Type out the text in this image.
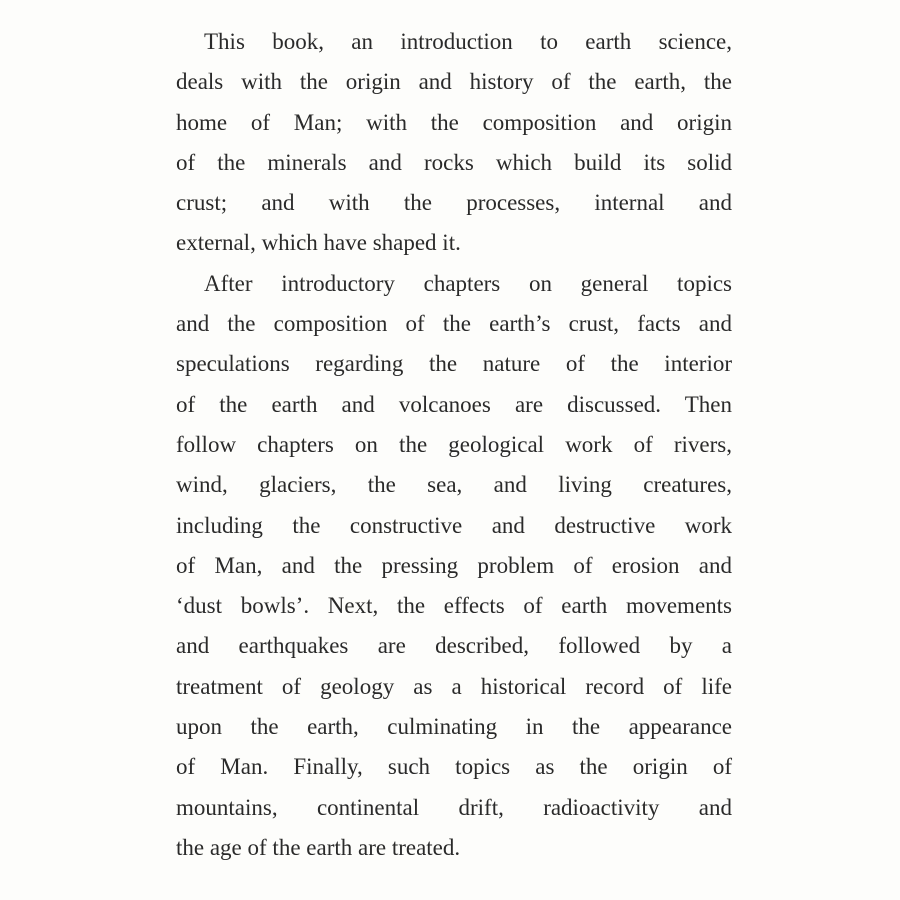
This book, an introduction to earth science,
deals with the origin and history of the earth, the
home of Man; with the composition and origin
of the minerals and rocks which build its solid
crust; and with the processes, internal and
external, which have shaped it.
After introductory chapters on general topics
and the composition of the earth’s crust, facts and
speculations regarding the nature of the interior
of the earth and volcanoes are discussed. Then
follow chapters on the geological work of rivers,
wind, glaciers, the sea, and living creatures,
including the constructive and destructive work
of Man, and the pressing problem of erosion and
‘dust bowls’. Next, the effects of earth movements
and earthquakes are described, followed by a
treatment of geology as a historical record of life
upon the earth, culminating in the appearance
of Man. Finally, such topics as the origin of
mountains, continental drift, radioactivity and
the age of the earth are treated.
